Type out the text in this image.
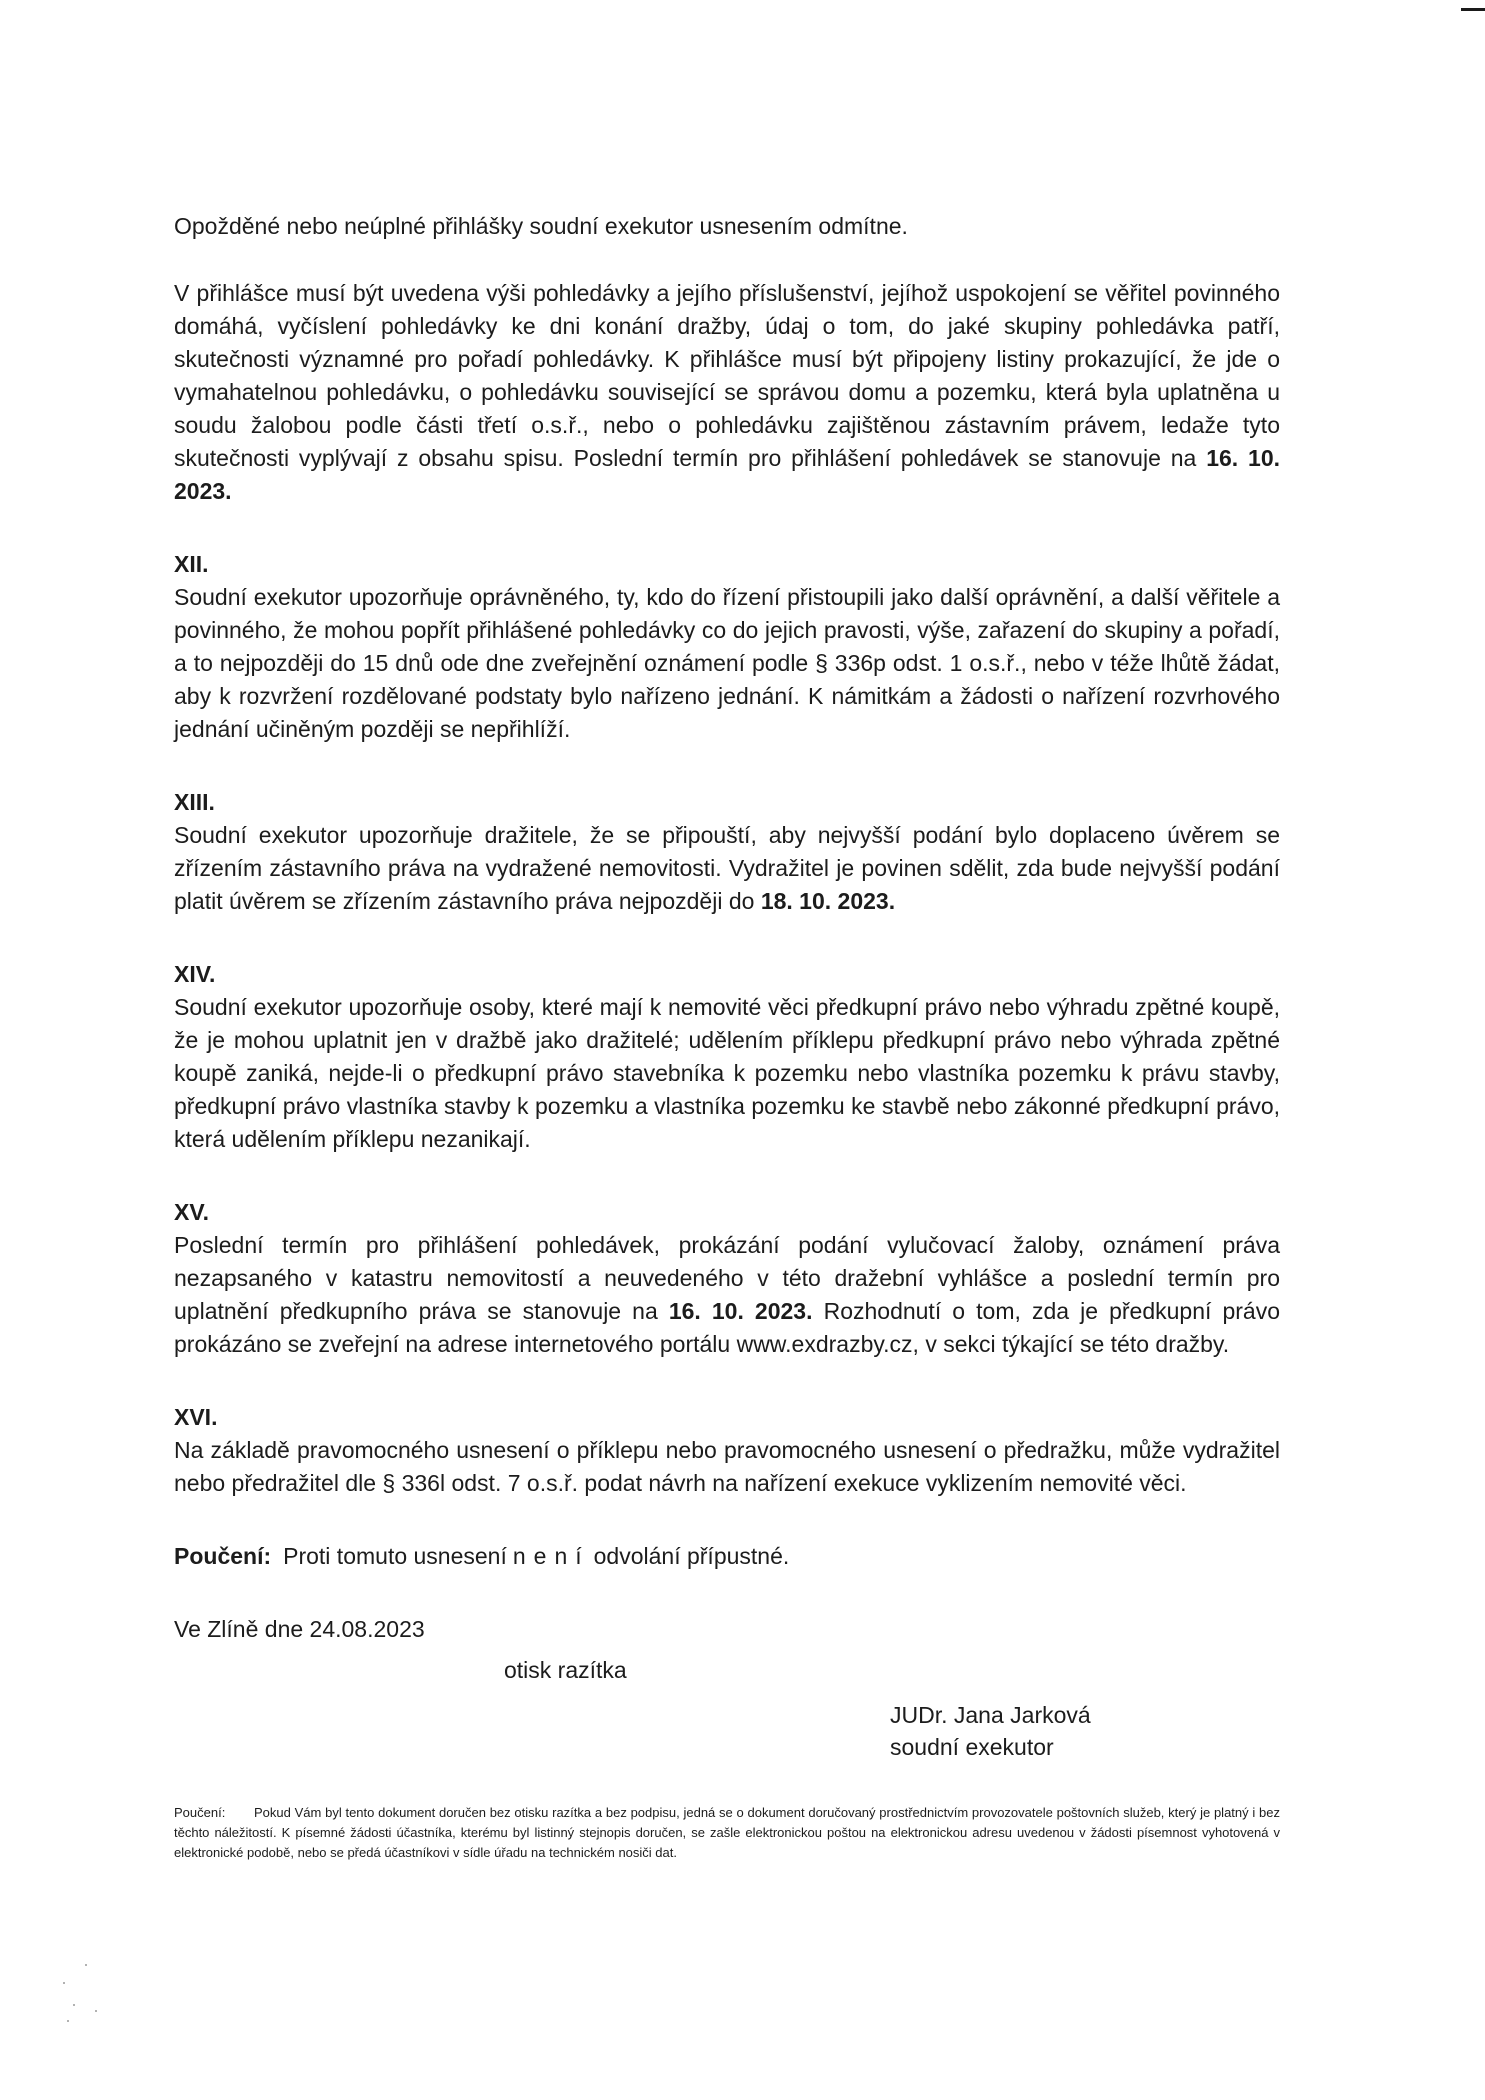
Opožděné nebo neúplné přihlášky soudní exekutor usnesením odmítne.

V přihlášce musí být uvedena výši pohledávky a jejího příslušenství, jejíhož uspokojení se věřitel povinného domáhá, vyčíslení pohledávky ke dni konání dražby, údaj o tom, do jaké skupiny pohledávka patří, skutečnosti významné pro pořadí pohledávky. K přihlášce musí být připojeny listiny prokazující, že jde o vymahatelnou pohledávku, o pohledávku související se správou domu a pozemku, která byla uplatněna u soudu žalobou podle části třetí o.s.ř., nebo o pohledávku zajištěnou zástavním právem, ledaže tyto skutečnosti vyplývají z obsahu spisu. Poslední termín pro přihlášení pohledávek se stanovuje na 16. 10. 2023.

XII.

Soudní exekutor upozorňuje oprávněného, ty, kdo do řízení přistoupili jako další oprávnění, a další věřitele a povinného, že mohou popřít přihlášené pohledávky co do jejich pravosti, výše, zařazení do skupiny a pořadí, a to nejpozději do 15 dnů ode dne zveřejnění oznámení podle § 336p odst. 1 o.s.ř., nebo v téže lhůtě žádat, aby k rozvržení rozdělované podstaty bylo nařízeno jednání. K námitkám a žádosti o nařízení rozvrhového jednání učiněným později se nepřihlíží.

XIII.

Soudní exekutor upozorňuje dražitele, že se připouští, aby nejvyšší podání bylo doplaceno úvěrem se zřízením zástavního práva na vydražené nemovitosti. Vydražitel je povinen sdělit, zda bude nejvyšší podání platit úvěrem se zřízením zástavního práva nejpozději do 18. 10. 2023.

XIV.

Soudní exekutor upozorňuje osoby, které mají k nemovité věci předkupní právo nebo výhradu zpětné koupě, že je mohou uplatnit jen v dražbě jako dražitelé; udělením příklepu předkupní právo nebo výhrada zpětné koupě zaniká, nejde-li o předkupní právo stavebníka k pozemku nebo vlastníka pozemku k právu stavby, předkupní právo vlastníka stavby k pozemku a vlastníka pozemku ke stavbě nebo zákonné předkupní právo, která udělením příklepu nezanikají.

XV.

Poslední termín pro přihlášení pohledávek, prokázání podání vylučovací žaloby, oznámení práva nezapsaného v katastru nemovitostí a neuvedeného v této dražební vyhlášce a poslední termín pro uplatnění předkupního práva se stanovuje na 16. 10. 2023. Rozhodnutí o tom, zda je předkupní právo prokázáno se zveřejní na adrese internetového portálu www.exdrazby.cz, v sekci týkající se této dražby.

XVI.

Na základě pravomocného usnesení o příklepu nebo pravomocného usnesení o předražku, může vydražitel nebo předražitel dle § 336l odst. 7 o.s.ř. podat návrh na nařízení exekuce vyklizením nemovité věci.

Poučení: Proti tomuto usnesení není odvolání přípustné.

Ve Zlíně dne 24.08.2023

otisk razítka

JUDr. Jana Jarková
soudní exekutor

Poučení: Pokud Vám byl tento dokument doručen bez otisku razítka a bez podpisu, jedná se o dokument doručovaný prostřednictvím provozovatele poštovních služeb, který je platný i bez těchto náležitostí. K písemné žádosti účastníka, kterému byl listinný stejnopis doručen, se zašle elektronickou poštou na elektronickou adresu uvedenou v žádosti písemnost vyhotovená v elektronické podobě, nebo se předá účastníkovi v sídle úřadu na technickém nosiči dat.
